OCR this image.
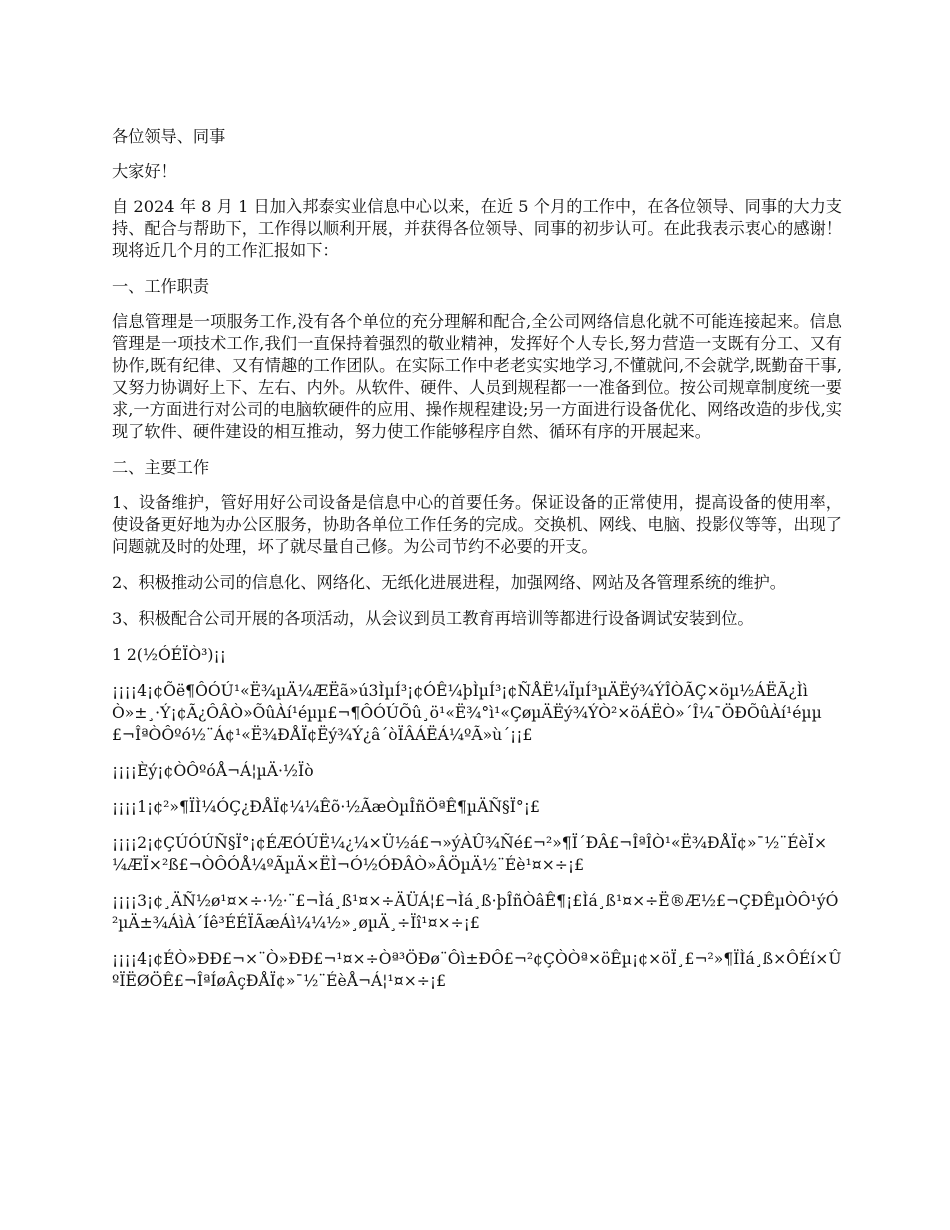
各位领导、同事

大家好！

自 2024 年 8 月 1 日加入邦泰实业信息中心以来，在近 5 个月的工作中，在各位领导、同事的大力支持、配合与帮助下，工作得以顺利开展，并获得各位领导、同事的初步认可。在此我表示衷心的感谢！现将近几个月的工作汇报如下：

一、工作职责

信息管理是一项服务工作,没有各个单位的充分理解和配合,全公司网络信息化就不可能连接起来。信息管理是一项技术工作,我们一直保持着强烈的敬业精神，发挥好个人专长,努力营造一支既有分工、又有协作,既有纪律、又有情趣的工作团队。在实际工作中老老实实地学习,不懂就问,不会就学,既勤奋干事,又努力协调好上下、左右、内外。从软件、硬件、人员到规程都一一准备到位。按公司规章制度统一要求,一方面进行对公司的电脑软硬件的应用、操作规程建设;另一方面进行设备优化、网络改造的步伐,实现了软件、硬件建设的相互推动，努力使工作能够程序自然、循环有序的开展起来。

二、主要工作

1、设备维护，管好用好公司设备是信息中心的首要任务。保证设备的正常使用，提高设备的使用率，使设备更好地为办公区服务，协助各单位工作任务的完成。交换机、网线、电脑、投影仪等等，出现了问题就及时的处理，坏了就尽量自己修。为公司节约不必要的开支。

2、积极推动公司的信息化、网络化、无纸化进展进程，加强网络、网站及各管理系统的维护。

3、积极配合公司开展的各项活动，从会议到员工教育再培训等都进行设备调试安装到位。

1 2(½ÓÉÏÒ³)¡¡

¡¡¡¡4¡¢Õë¶ÔÓÚ¹«Ë¾µÄ¼ÆËã»ú3ÌµÍ³¡¢ÓÊ¼þÌµÍ³¡¢ÑÅË¼ÏµÍ³µÄËý¾ÝÎÒÃÇ×öµ½ÁËÃ¿ÌìÒ»±¸·Ý¡¢Ã¿ÔÂÒ»ÕûÀí¹éµµ£¬¶ÔÓÚÕû¸ö¹«Ë¾°ì¹«ÇøµÄËý¾ÝÒ²×öÁËÒ»´Î¼¯ÖÐÕûÀí¹éµµ£¬ÎªÒÔºó½¨Á¢¹«Ë¾ÐÅÏ¢Ëý¾Ý¿â´òÏÂÁËÁ¼ºÃ»ù´¡¡£

¡¡¡¡Èý¡¢ÒÔºóÅ¬Á¦µÄ·½Ïò

¡¡¡¡1¡¢²»¶ÏÌ¼ÓÇ¿ÐÅÏ¢¼¼Êõ·½ÃæÒµÎñÖªÊ¶µÄÑ§Ï°¡£

¡¡¡¡2¡¢ÇÚÓÚÑ§Ï°¡¢ÉÆÓÚË¼¿¼×Ü½á£¬»ýÀÛ¾Ñé£¬²»¶Ï´ÐÂ£¬ÎªÎÒ¹«Ë¾ÐÅÏ¢»¯½¨ÉèÏ×¼ÆÏ×²ß£¬ÒÔÓÅ¼ºÃµÄ×ËÌ¬Ó½ÓÐÂÒ»ÂÖµÄ½¨Éè¹¤×÷¡£

¡¡¡¡3¡¢¸ÄÑ½ø¹¤×÷·½·¨£¬Ìá¸ß¹¤×÷ÄÜÁ¦£¬Ìá¸ß·þÎñÒâÊ¶¡£Ìá¸ß¹¤×÷Ë®Æ½£¬ÇÐÊµÒÔ¹ýÓ²µÄ±¾ÁìÀ´Íê³ÉÉÏÃæÁì¼¼½»¸øµÄ¸÷Ïî¹¤×÷¡£

¡¡¡¡4¡¢ÉÒ»ÐÐ£¬×¨Ò»ÐÐ£¬¹¤×÷Òª³ÖÐø¨Ôì±ÐÔ£¬²¢ÇÒÒª×öÊµ¡¢×öÏ¸£¬²»¶ÏÌá¸ß×ÔÉí×ÛºÏËØÖÊ£¬ÎªÍøÂçÐÅÏ¢»¯½¨ÉèÅ¬Á¦¹¤×÷¡£
